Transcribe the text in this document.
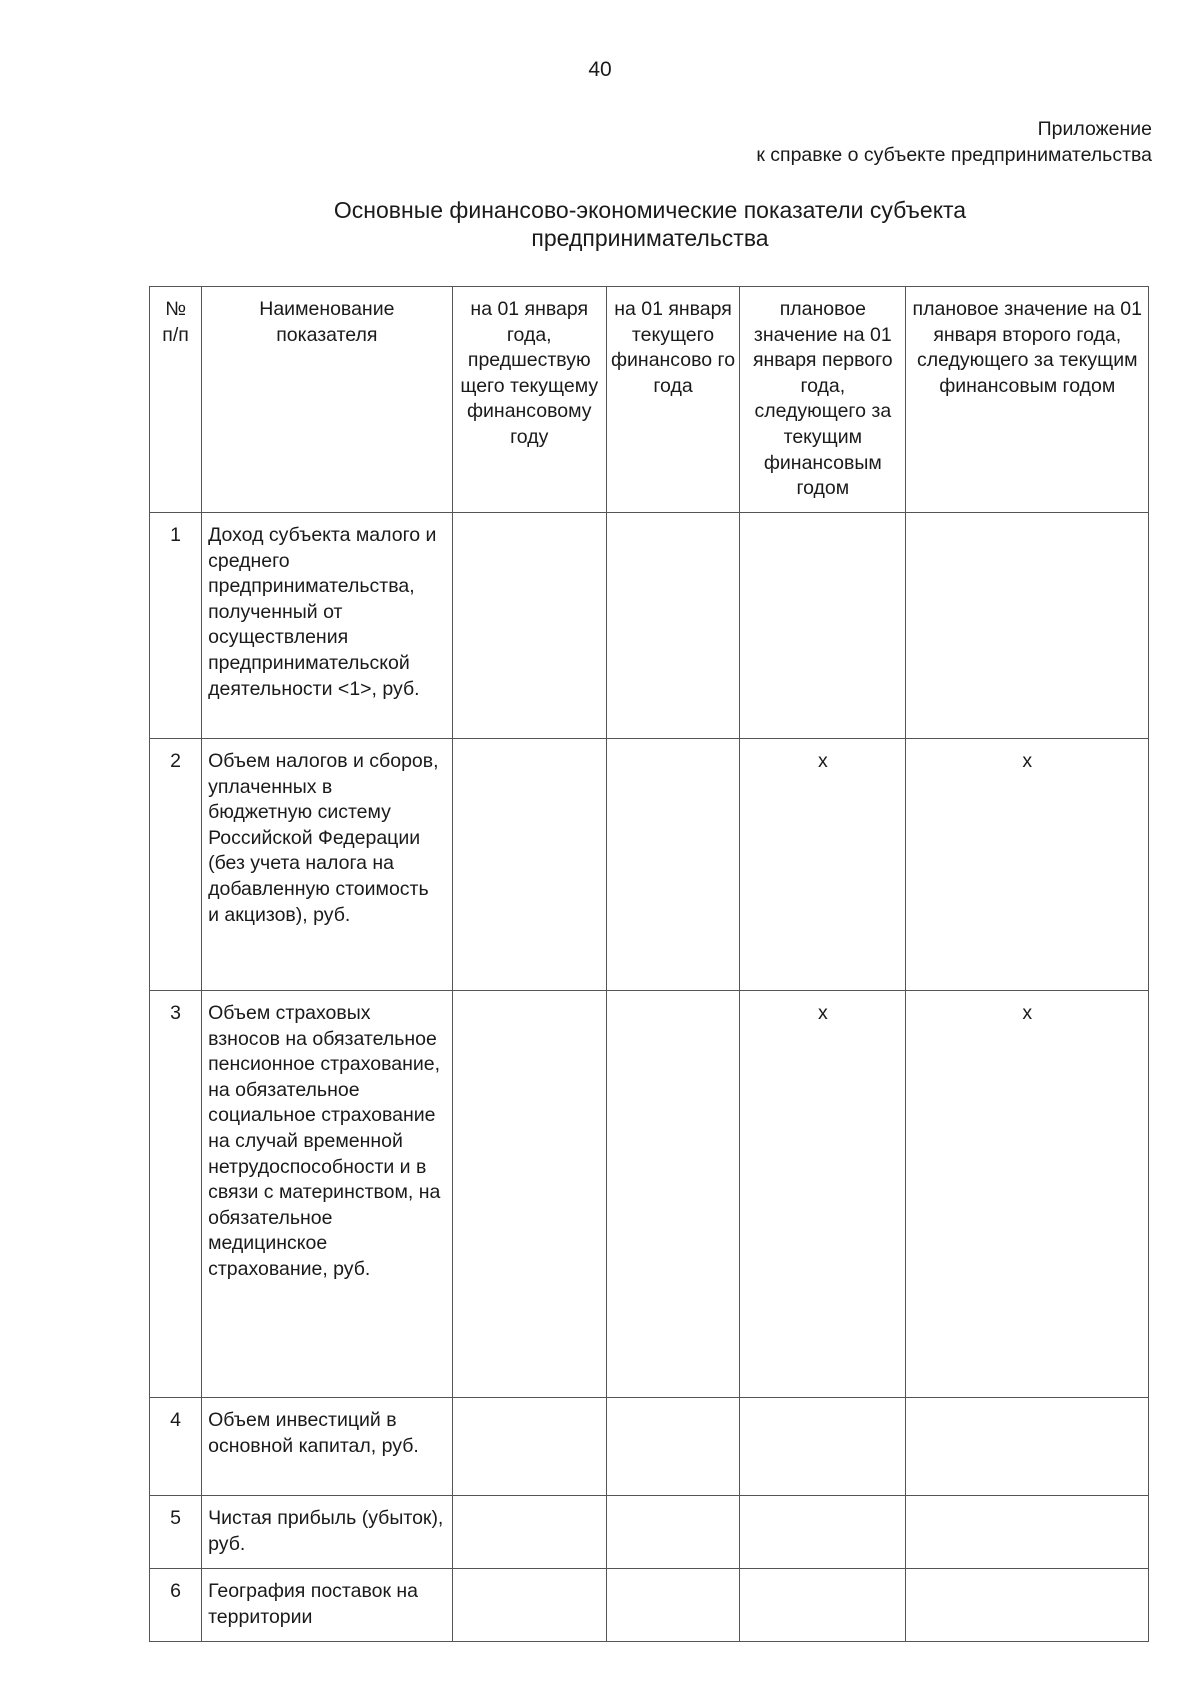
40
Приложение
к справке о субъекте предпринимательства
Основные финансово-экономические показатели субъекта
предпринимательства
№ п/п	Наименование показателя	на 01 января года, предшествую щего текущему финансовому году	на 01 января текущего финансово го года	плановое значение на 01 января первого года, следующего за текущим финансовым годом	плановое значение на 01 января второго года, следующего за текущим финансовым годом
1	Доход субъекта малого и среднего предпринимательства, полученный от осуществления предпринимательской деятельности <1>, руб.				
2	Объем налогов и сборов, уплаченных в бюджетную систему Российской Федерации (без учета налога на добавленную стоимость и акцизов), руб.			x	x
3	Объем страховых взносов на обязательное пенсионное страхование, на обязательное социальное страхование на случай временной нетрудоспособности и в связи с материнством, на обязательное медицинское страхование, руб.			x	x
4	Объем инвестиций в основной капитал, руб.				
5	Чистая прибыль (убыток), руб.				
6	География поставок на территории				
